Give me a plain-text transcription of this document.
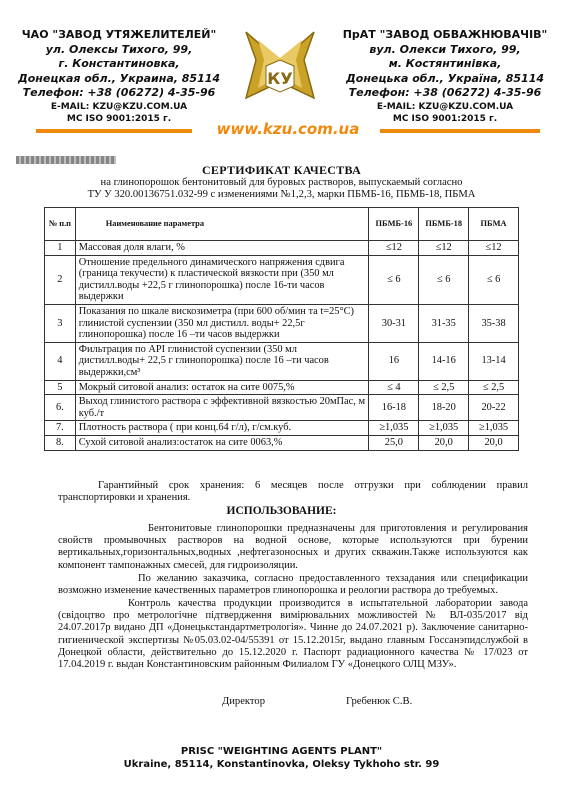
ЧАО "ЗАВОД УТЯЖЕЛИТЕЛЕЙ"
ул. Олексы Тихого, 99,
г. Константиновка,
Донецкая обл., Украина, 85114
Телефон: +38 (06272) 4-35-96
E-MAIL: KZU@KZU.COM.UA
MC ISO 9001:2015 г.
КУ
ПрАТ "ЗАВОД ОБВАЖНЮВАЧІВ"
вул. Олекси Тихого, 99,
м. Костянтинівка,
Донецька обл., Україна, 85114
Телефон: +38 (06272) 4-35-96
E-MAIL: KZU@KZU.COM.UA
MC ISO 9001:2015 г.
www.kzu.com.ua
СЕРТИФИКАТ КАЧЕСТВА
на глинопорошок бентонитовый для буровых растворов, выпускаемый согласно
ТУ У 320.00136751.032-99 с изменениями №1,2,3, марки ПБМБ-16, ПБМБ-18, ПБМА
№ п.п	Наименование параметра	ПБМБ-16	ПБМБ-18	ПБМА
1	Массовая доля влаги, %	≤12	≤12	≤12
2	Отношение предельного динамического напряжения сдвига (граница текучести) к пластической вязкости при (350 мл дистилл.воды +22,5 г глинопорошка) после 16-ти часов выдержки	≤ 6	≤ 6	≤ 6
3	Показания по шкале вискозиметра (при 600 об/мин та t=25°C) глинистой суспензии (350 мл дистилл. воды+ 22,5г глинопорошка) после 16 –ти часов выдержки	30-31	31-35	35-38
4	Фильтрация по API глинистой суспензии (350 мл дистилл.воды+ 22,5 г глинопорошка) после 16 –ти часов выдержки,см³	16	14-16	13-14
5	Мокрый ситовой анализ: остаток на сите 0075,%	≤ 4	≤ 2,5	≤ 2,5
6.	Выход глинистого раствора с эффективной вязкостью 20мПас, м куб./т	16-18	18-20	20-22
7.	Плотность раствора ( при конц.64 г/л), г/см.куб.	≥1,035	≥1,035	≥1,035
8.	Сухой ситовой анализ:остаток на сите 0063,%	25,0	20,0	20,0
Гарантийный срок хранения: 6 месяцев после отгрузки при соблюдении правил транспортировки и хранения.
ИСПОЛЬЗОВАНИЕ:
Бентонитовые глинопорошки предназначены для приготовления и регулирования свойств промывочных растворов на водной основе, которые используются при бурении вертикальных,горизонтальных,водных ,нефтегазоносных и других скважин.Также используются как компонент тампонажных смесей, для гидроизоляции.
По желанию заказчика, согласно предоставленного техзадания или спецификации возможно изменение качественных параметров глинопорошка и реологии раствора до требуемых.
Контроль качества продукции производится в испытательной лаборатории завода (свідоцтво про метрологічне підтвердження вимірювальних можливостей № ВЛ-035/2017 від 24.07.2017р видано ДП «Донецькстандартметрологія». Чинне до 24.07.2021 р). Заключение санитарно-гигиенической экспертизы №05.03.02-04/55391 от 15.12.2015г, выдано главным Госсанэпидслужбой в Донецкой области, действительно до 15.12.2020 г. Паспорт радиационного качества № 17/023 от 17.04.2019 г. выдан Константиновским районным Филиалом ГУ «Донецкого ОЛЦ МЗУ».
Директор	Гребенюк С.В.
PRISC "WEIGHTING AGENTS PLANT"
Ukraine, 85114, Konstantinovka, Oleksy Tykhoho str. 99
